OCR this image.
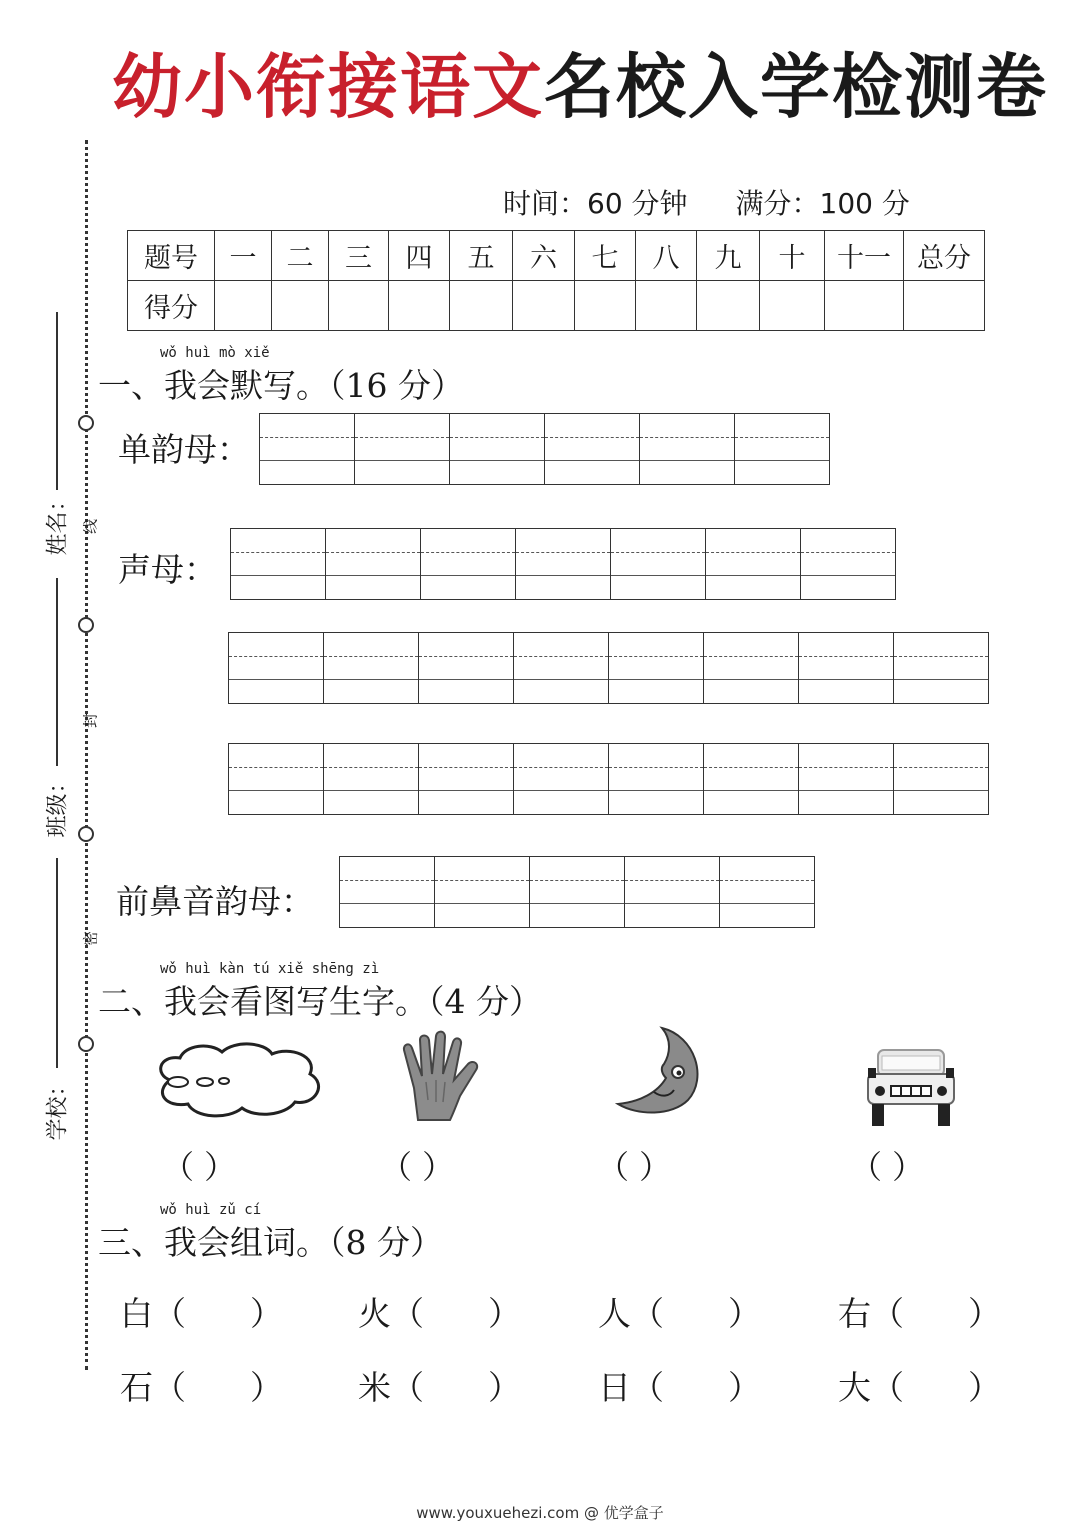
幼小衔接语文名校入学检测卷
线
封
密
姓名：
班级：
学校：
时间：60 分钟 满分：100 分
题号	一	二	三	四	五	六	七	八	九	十	十一	总分
得分												
wǒ huì mò xiě
一、我会默写。（16 分）
单韵母：
声母：
前鼻音韵母：
wǒ huì kàn tú xiě shēng zì
二、我会看图写生字。（4 分）
（ ）	（ ）	（ ）	（ ）
wǒ huì zǔ cí
三、我会组词。（8 分）
白（ ） 火（ ） 人（ ） 右（ ）
石（ ） 米（ ） 日（ ） 大（ ）
www.youxuehezi.com @ 优学盒子
